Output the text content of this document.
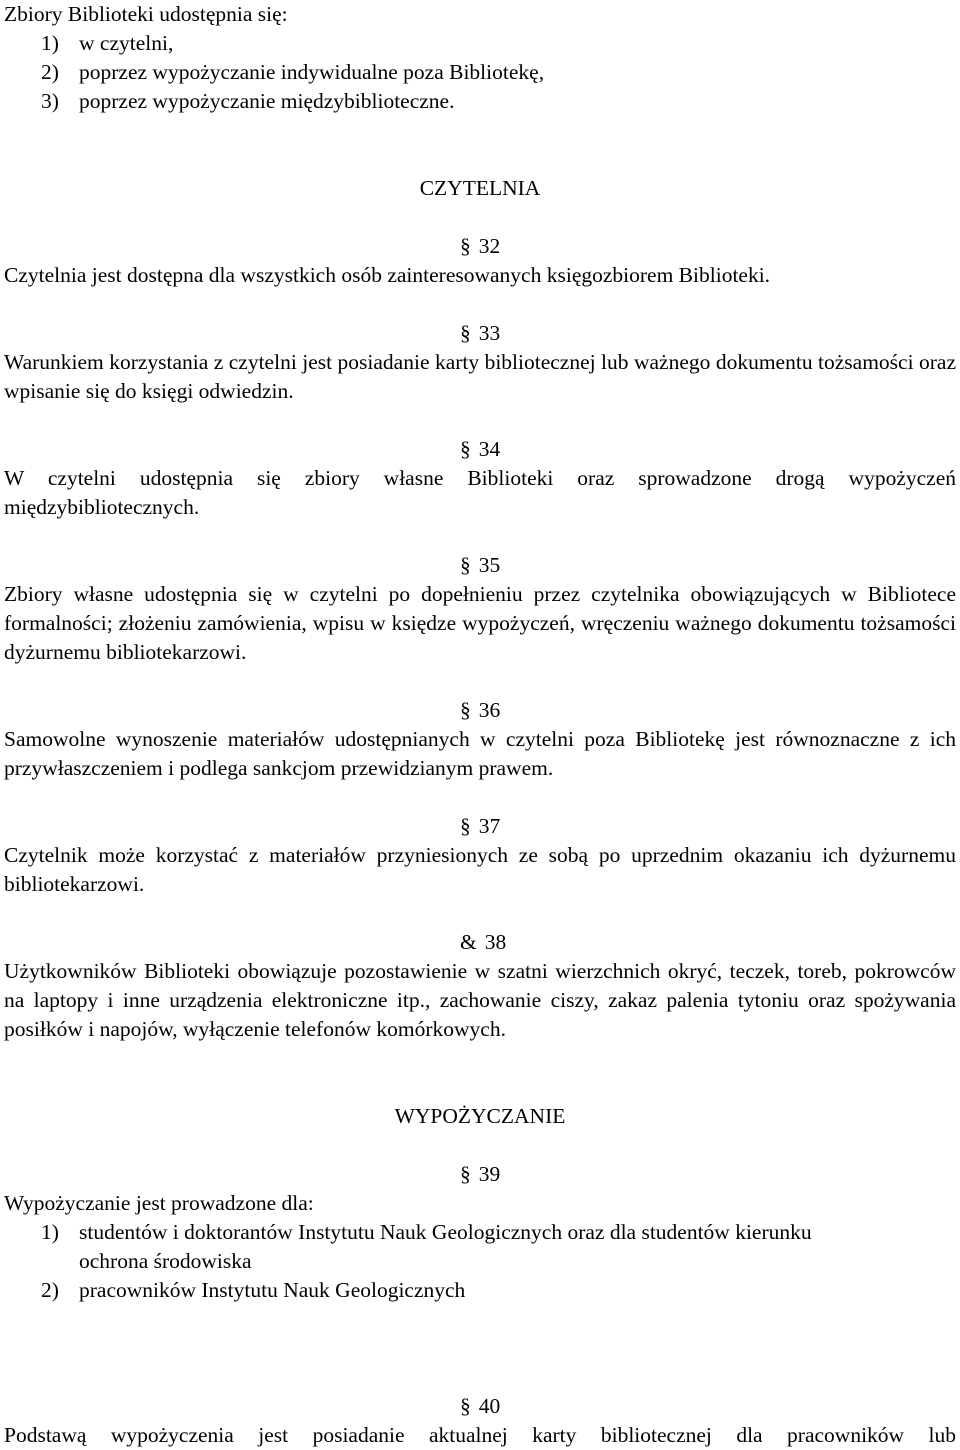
Zbiory Biblioteki udostępnia się:

1) w czytelni,
2) poprzez wypożyczanie indywidualne poza Bibliotekę,
3) poprzez wypożyczanie międzybiblioteczne.

CZYTELNIA

§ 32

Czytelnia jest dostępna dla wszystkich osób zainteresowanych księgozbiorem Biblioteki.

§ 33

Warunkiem korzystania z czytelni jest posiadanie karty bibliotecznej lub ważnego dokumentu tożsamości oraz wpisanie się do księgi odwiedzin.

§ 34

W czytelni udostępnia się zbiory własne Biblioteki oraz sprowadzone drogą wypożyczeń międzybibliotecznych.

§ 35

Zbiory własne udostępnia się w czytelni po dopełnieniu przez czytelnika obowiązujących w Bibliotece formalności; złożeniu zamówienia, wpisu w księdze wypożyczeń, wręczeniu ważnego dokumentu tożsamości dyżurnemu bibliotekarzowi.

§ 36

Samowolne wynoszenie materiałów udostępnianych w czytelni poza Bibliotekę jest równoznaczne z ich przywłaszczeniem i podlega sankcjom przewidzianym prawem.

§ 37

Czytelnik może korzystać z materiałów przyniesionych ze sobą po uprzednim okazaniu ich dyżurnemu bibliotekarzowi.

& 38

Użytkowników Biblioteki obowiązuje pozostawienie w szatni wierzchnich okryć, teczek, toreb, pokrowców na laptopy i inne urządzenia elektroniczne itp., zachowanie ciszy, zakaz palenia tytoniu oraz spożywania posiłków i napojów, wyłączenie telefonów komórkowych.

WYPOŻYCZANIE

§ 39

Wypożyczanie jest prowadzone dla:

1) studentów i doktorantów Instytutu Nauk Geologicznych oraz dla studentów kierunku ochrona środowiska
2) pracowników Instytutu Nauk Geologicznych

§ 40

Podstawą wypożyczenia jest posiadanie aktualnej karty bibliotecznej dla pracowników lub
